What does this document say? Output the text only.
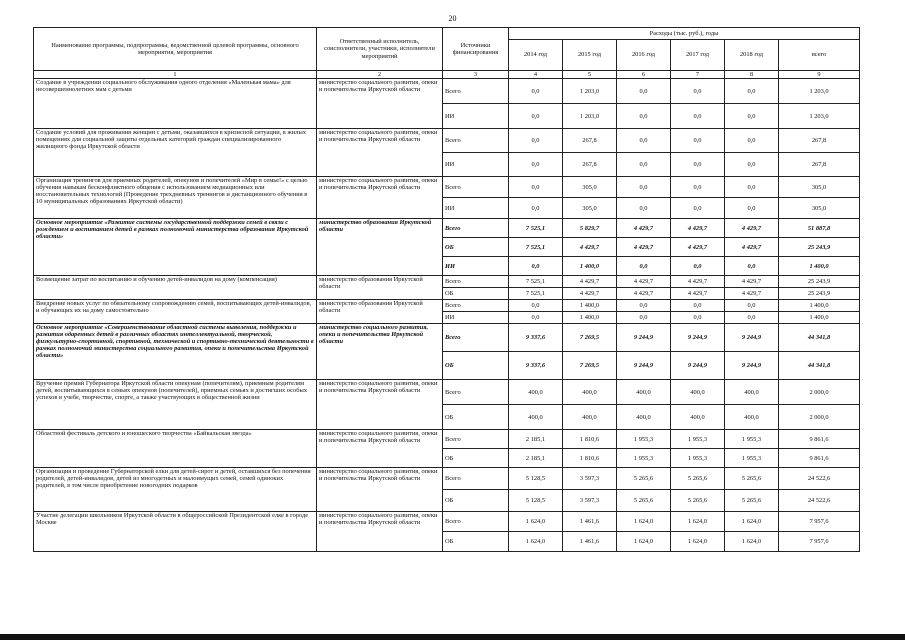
20
Наименование программы, подпрограммы, ведомственной целевой программы, основного мероприятия, мероприятия	Ответственный исполнитель, соисполнители, участники, исполнители мероприятий	Источники финансирования	Расходы (тыс. руб.), годы					
			2014 год	2015 год	2016 год	2017 год	2018 год	всего
1	2	3	4	5	6	7	8	9
Создание в учреждении социального обслуживания одного отделения «Маленькая мама» для несовершеннолетних мам с детьми	министерство социального развития, опеки и попечительства Иркутской области	Всего	0,0	1 203,0	0,0	0,0	0,0	1 203,0
		ИИ	0,0	1 203,0	0,0	0,0	0,0	1 203,0
Создание условий для проживания женщин с детьми, оказавшихся в кризисной ситуации, в жилых помещениях для социальной защиты отдельных категорий граждан специализированного жилищного фонда Иркутской области	министерство социального развития, опеки и попечительства Иркутской области	Всего	0,0	267,8	0,0	0,0	0,0	267,8
		ИИ	0,0	267,8	0,0	0,0	0,0	267,8
Организация тренингов для приемных родителей, опекунов и попечителей «Мир в семье!» с целью обучения навыкам бесконфликтного общения с использованием медиационных или восстановительных технологий (Проведение трехдневных тренингов и дистанционного обучения в 10 муниципальных образованиях Иркутской области)	министерство социального развития, опеки и попечительства Иркутской области	Всего	0,0	305,0	0,0	0,0	0,0	305,0
		ИИ	0,0	305,0	0,0	0,0	0,0	305,0
Основное мероприятие «Развитие системы государственной поддержки семей в связи с рождением и воспитанием детей в рамках полномочий министерства образования Иркутской области»	министерство образования Иркутской области	Всего	7 525,1	5 829,7	4 429,7	4 429,7	4 429,7	51 887,8
		ОБ	7 525,1	4 429,7	4 429,7	4 429,7	4 429,7	25 243,9
		ИИ	0,0	1 400,0	0,0	0,0	0,0	1 400,0
Возмещение затрат по воспитанию и обучению детей-инвалидов на дому (компенсация)	министерство образования Иркутской области	Всего	7 525,1	4 429,7	4 429,7	4 429,7	4 429,7	25 243,9
		ОБ	7 525,1	4 429,7	4 429,7	4 429,7	4 429,7	25 243,9
Внедрение новых услуг по обязательному сопровождению семей, воспитывающих детей-инвалидов, и обучающих их на дому самостоятельно	министерство образования Иркутской области	Всего	0,0	1 400,0	0,0	0,0	0,0	1 400,0
		ИИ	0,0	1 400,0	0,0	0,0	0,0	1 400,0
Основное мероприятие «Совершенствование областной системы выявления, поддержки и развития одаренных детей в различных областях интеллектуальной, творческой, физкультурно-спортивной, спортивной, технической и спортивно-технической деятельности в рамках полномочий министерства социального развития, опеки и попечительства Иркутской области»	министерство социального развития, опеки и попечительства Иркутской области	Всего	9 337,6	7 269,5	9 244,9	9 244,9	9 244,9	44 341,8
		ОБ	9 337,6	7 269,5	9 244,9	9 244,9	9 244,9	44 341,8
Вручение премий Губернатора Иркутской области опекунам (попечителям), приемным родителям детей, воспитывающихся в семьях опекунов (попечителей), приемных семьях и достигших особых успехов в учебе, творчестве, спорте, а также участвующих в общественной жизни	министерство социального развития, опеки и попечительства Иркутской области	Всего	400,0	400,0	400,0	400,0	400,0	2 000,0
		ОБ	400,0	400,0	400,0	400,0	400,0	2 000,0
Областной фестиваль детского и юношеского творчества «Байкальская звезда»	министерство социального развития, опеки и попечительства Иркутской области	Всего	2 185,1	1 810,6	1 955,3	1 955,3	1 955,3	9 861,6
		ОБ	2 185,1	1 810,6	1 955,3	1 955,3	1 955,3	9 861,6
Организация и проведение Губернаторской елки для детей-сирот и детей, оставшихся без попечения родителей, детей-инвалидов, детей из многодетных и малоимущих семей, семей одиноких родителей, в том числе приобретение новогодних подарков	министерство социального развития, опеки и попечительства Иркутской области	Всего	5 128,5	3 597,3	5 265,6	5 265,6	5 265,6	24 522,6
		ОБ	5 128,5	3 597,3	5 265,6	5 265,6	5 265,6	24 522,6
Участие делегации школьников Иркутской области в общероссийской Президентской елке в городе Москве	министерство социального развития, опеки и попечительства Иркутской области	Всего	1 624,0	1 461,6	1 624,0	1 624,0	1 624,0	7 957,6
		ОБ	1 624,0	1 461,6	1 624,0	1 624,0	1 624,0	7 957,6
